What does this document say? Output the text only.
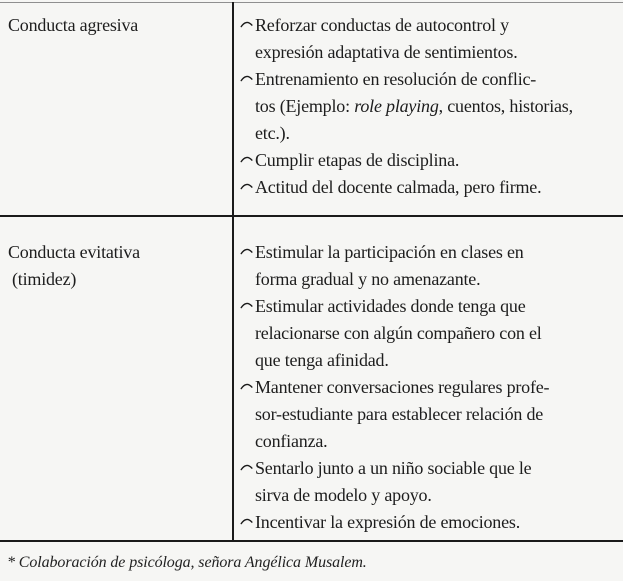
Conducta agresiva	Reforzar conductas de autocontrol y
expresión adaptativa de sentimientos.
Entrenamiento en resolución de conflic-
tos (Ejemplo: role playing, cuentos, historias,
etc.).
Cumplir etapas de disciplina.
Actitud del docente calmada, pero firme.
Conducta evitativa
(timidez)
Estimular la participación en clases en
forma gradual y no amenazante.
Estimular actividades donde tenga que
relacionarse con algún compañero con el
que tenga afinidad.
Mantener conversaciones regulares profe-
sor-estudiante para establecer relación de
confianza.
Sentarlo junto a un niño sociable que le
sirva de modelo y apoyo.
Incentivar la expresión de emociones.
* Colaboración de psicóloga, señora Angélica Musalem.
